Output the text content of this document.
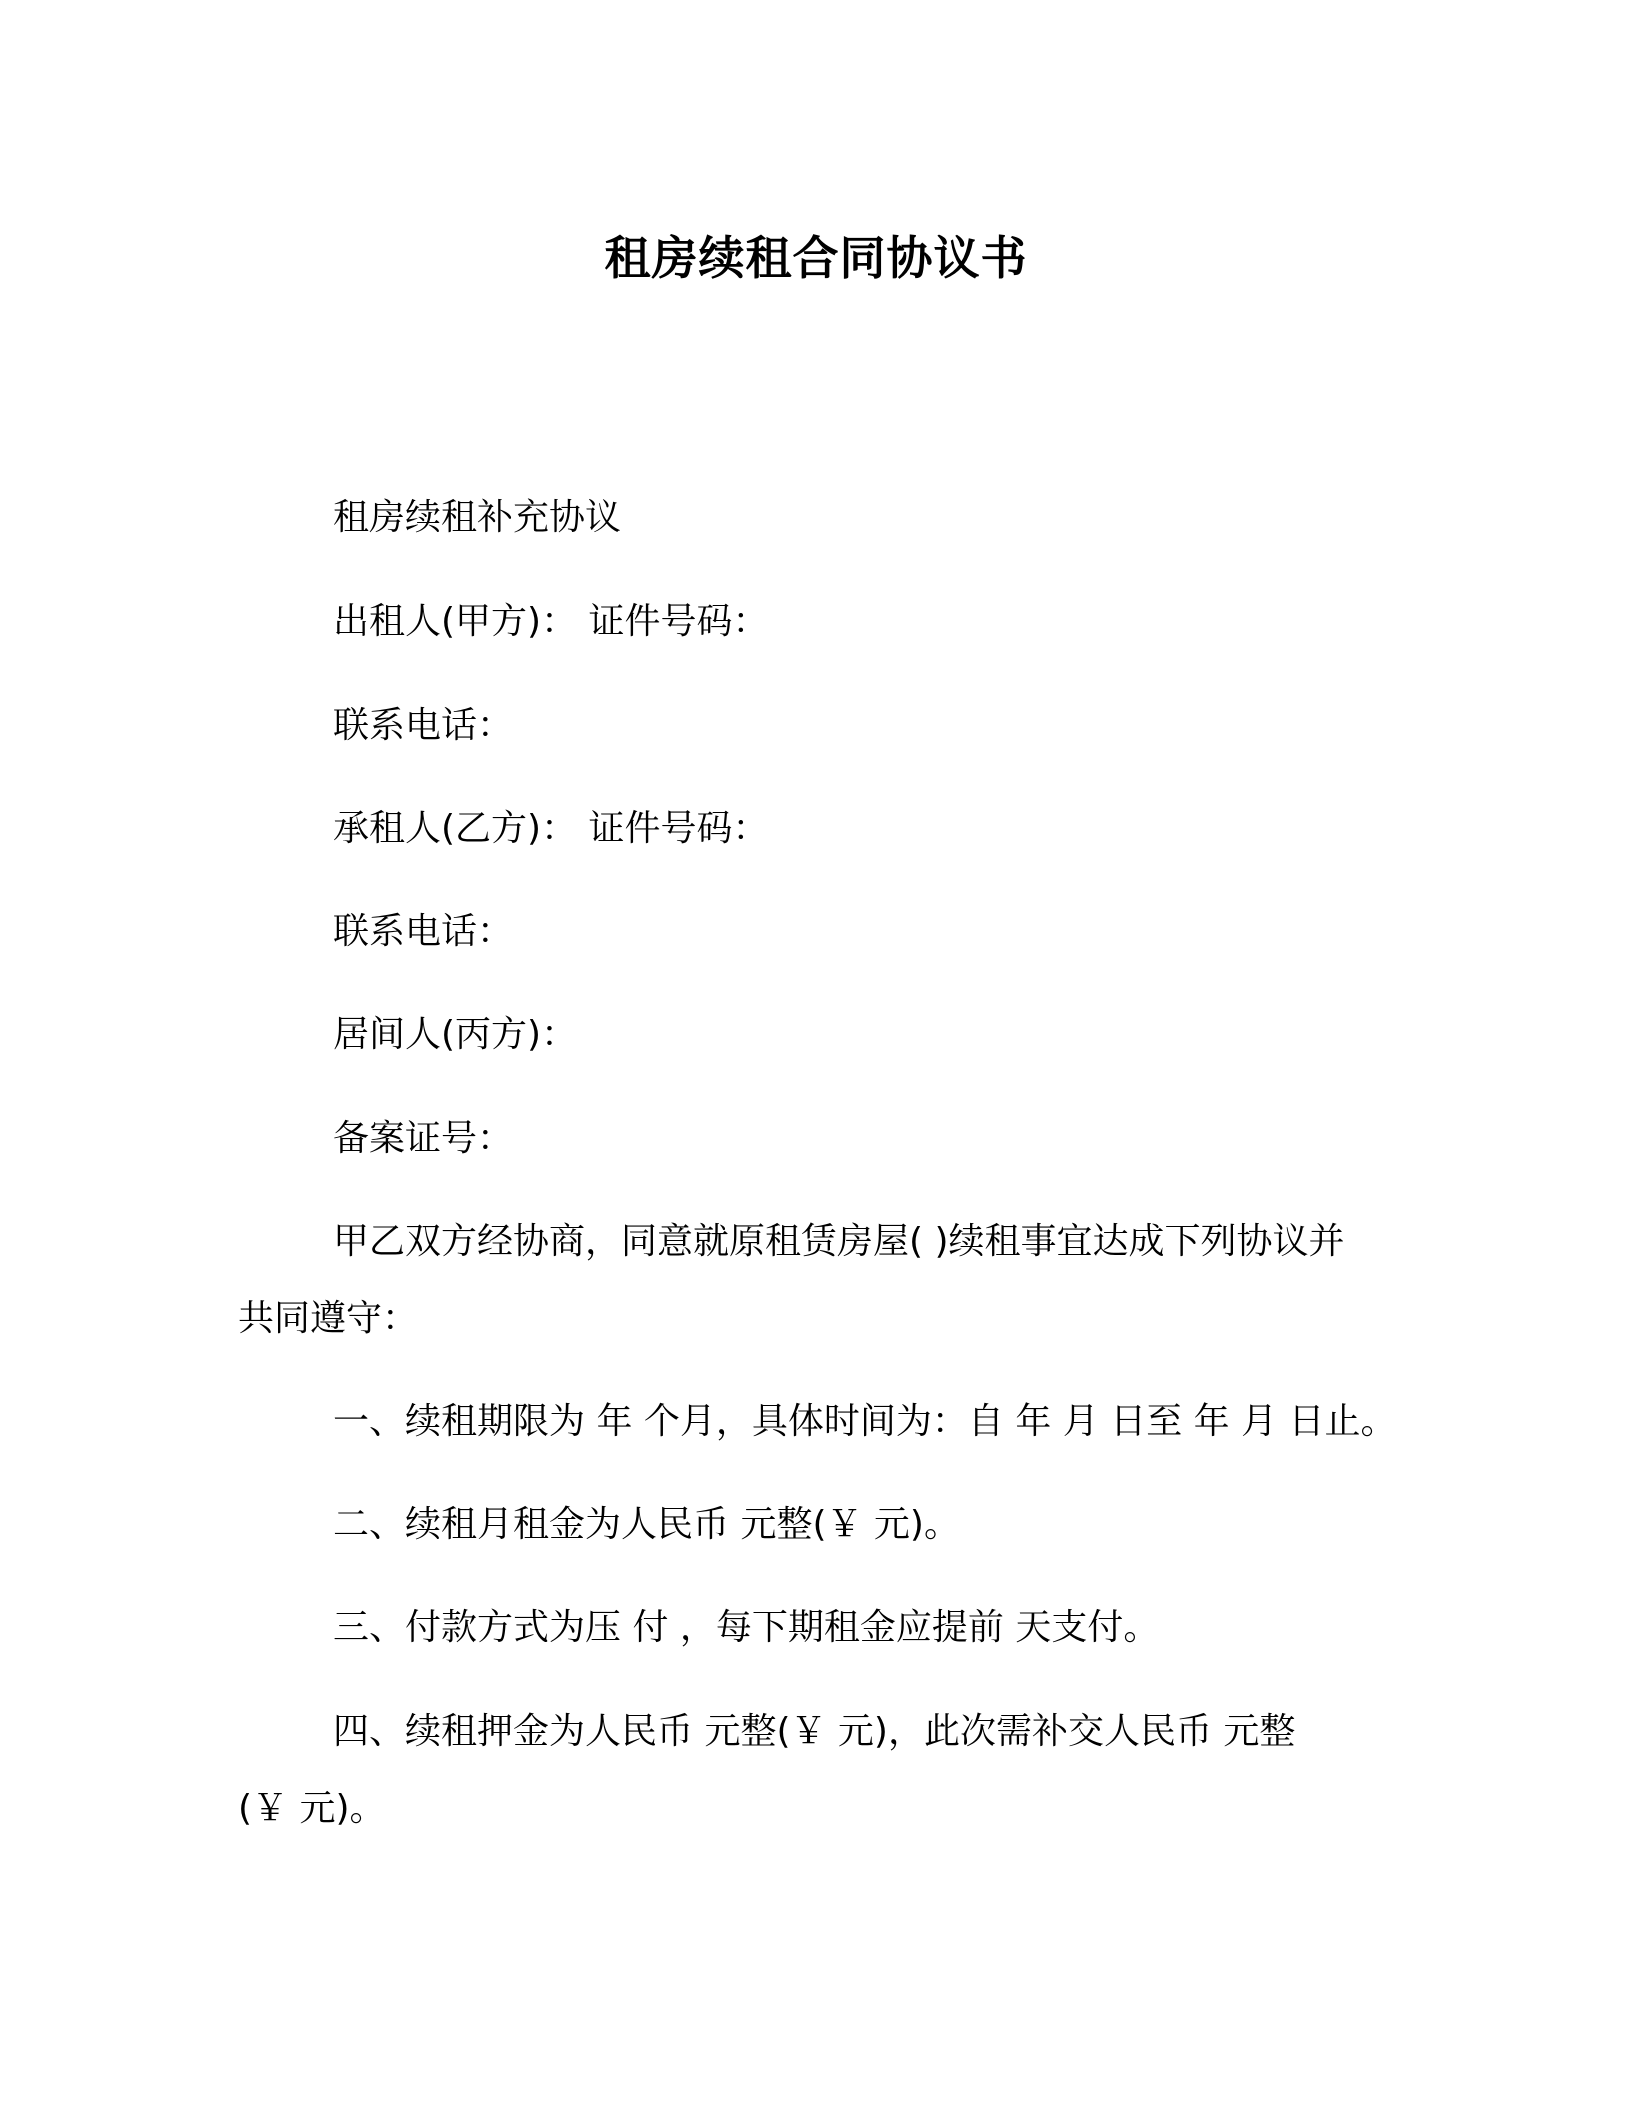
租房续租合同协议书

租房续租补充协议

出租人(甲方)： 证件号码：

联系电话：

承租人(乙方)： 证件号码：

联系电话：

居间人(丙方)：

备案证号：

甲乙双方经协商，同意就原租赁房屋( )续租事宜达成下列协议并

共同遵守：

一、续租期限为 年 个月，具体时间为：自 年 月 日至 年 月 日止。

二、续租月租金为人民币 元整(￥ 元)。

三、付款方式为压 付 ，每下期租金应提前 天支付。

四、续租押金为人民币 元整(￥ 元)，此次需补交人民币 元整

(￥ 元)。
